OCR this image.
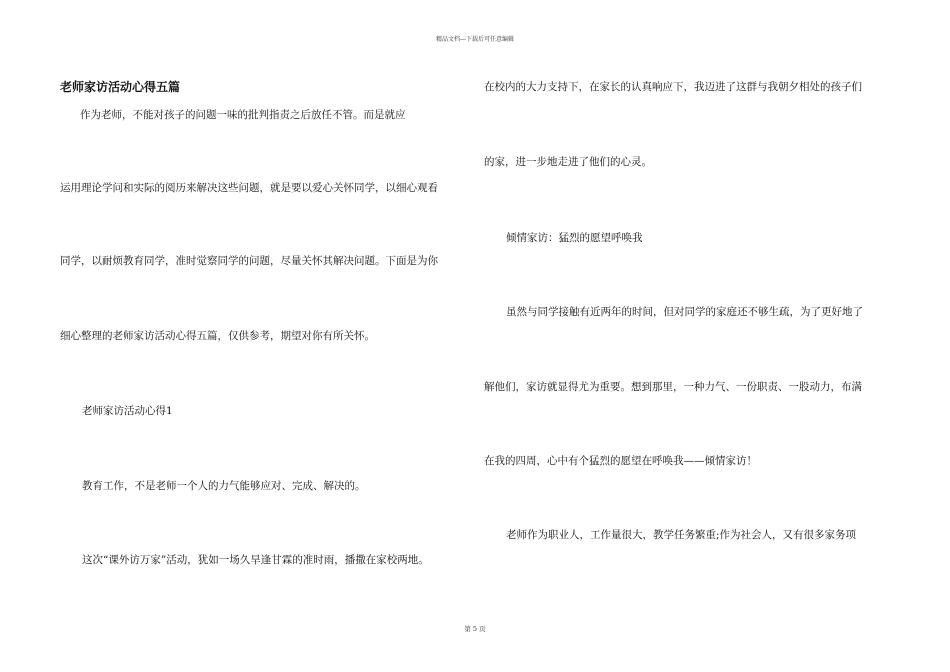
精品文档---下载后可任意编辑
老师家访活动心得五篇
作为老师，不能对孩子的问题一味的批判指责之后放任不管。而是就应
运用理论学问和实际的阅历来解决这些问题，就是要以爱心关怀同学，以细心观看
同学，以耐烦教育同学，准时觉察同学的问题，尽量关怀其解决问题。下面是为你
细心整理的老师家访活动心得五篇，仅供参考，期望对你有所关怀。
老师家访活动心得1
教育工作，不是老师一个人的力气能够应对、完成、解决的。
这次“课外访万家”活动，犹如一场久旱逢甘霖的准时雨，播撒在家校两地。
在校内的大力支持下，在家长的认真响应下，我迈进了这群与我朝夕相处的孩子们
的家，进一步地走进了他们的心灵。
倾情家访：猛烈的愿望呼唤我
虽然与同学接触有近两年的时间，但对同学的家庭还不够生疏，为了更好地了
解他们，家访就显得尤为重要。想到那里，一种力气、一份职责、一股动力，布满
在我的四周，心中有个猛烈的愿望在呼唤我——倾情家访！
老师作为职业人，工作量很大，教学任务繁重;作为社会人，又有很多家务项
第 5 页
